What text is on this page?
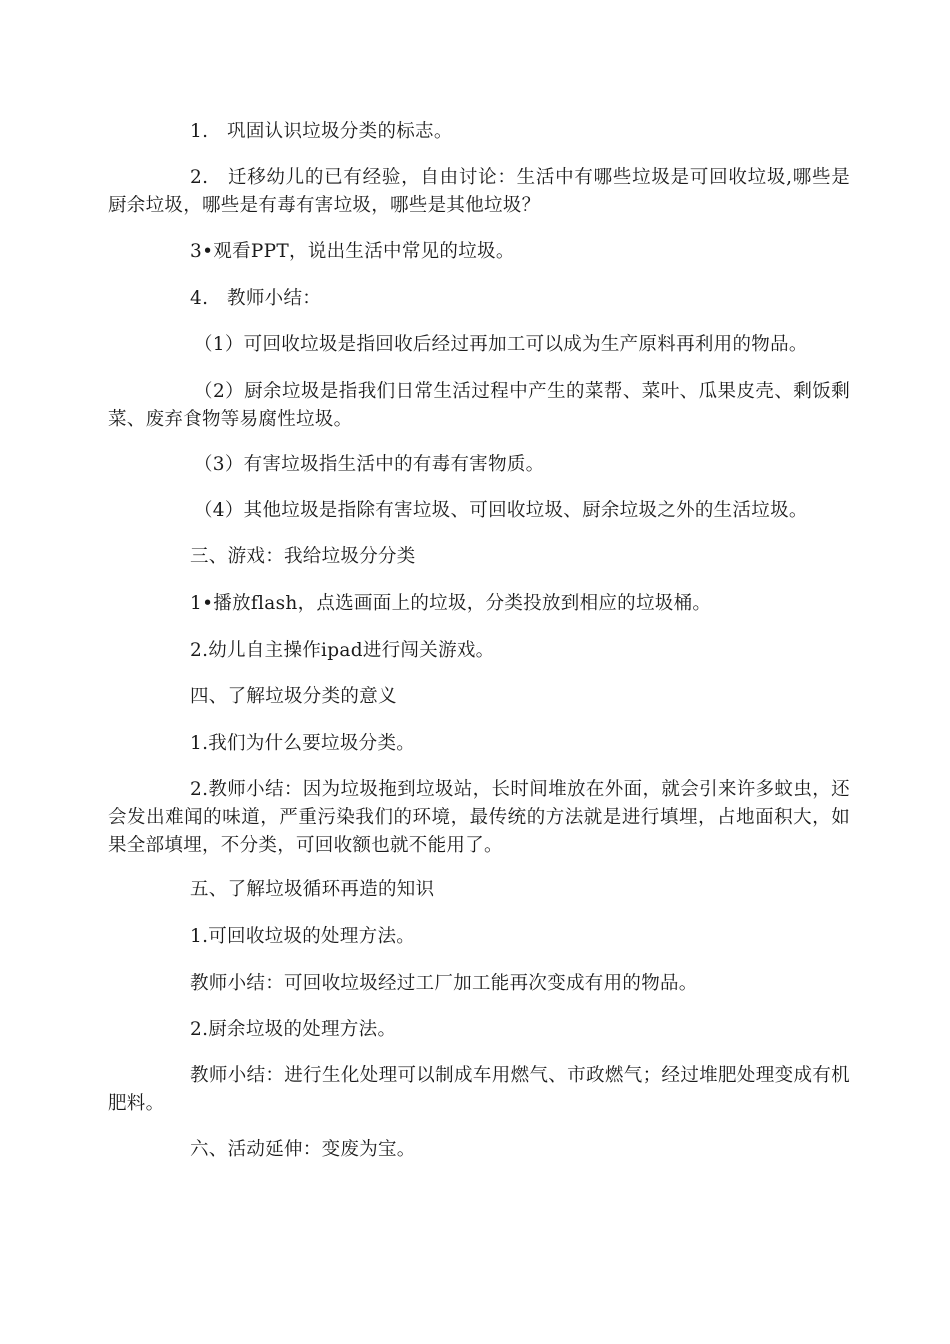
1.　巩固认识垃圾分类的标志。

2.　迁移幼儿的已有经验，自由讨论：生活中有哪些垃圾是可回收垃圾,哪些是厨余垃圾，哪些是有毒有害垃圾，哪些是其他垃圾？

3•观看PPT，说出生活中常见的垃圾。

4.　教师小结：

（1）可回收垃圾是指回收后经过再加工可以成为生产原料再利用的物品。

（2）厨余垃圾是指我们日常生活过程中产生的菜帮、菜叶、瓜果皮壳、剩饭剩菜、废弃食物等易腐性垃圾。

（3）有害垃圾指生活中的有毒有害物质。

（4）其他垃圾是指除有害垃圾、可回收垃圾、厨余垃圾之外的生活垃圾。

三、游戏：我给垃圾分分类

1•播放flash，点选画面上的垃圾，分类投放到相应的垃圾桶。

2.幼儿自主操作ipad进行闯关游戏。

四、了解垃圾分类的意义

1.我们为什么要垃圾分类。

2.教师小结：因为垃圾拖到垃圾站，长时间堆放在外面，就会引来许多蚊虫，还会发出难闻的味道，严重污染我们的环境，最传统的方法就是进行填埋，占地面积大，如果全部填埋，不分类，可回收额也就不能用了。

五、了解垃圾循环再造的知识

1.可回收垃圾的处理方法。

教师小结：可回收垃圾经过工厂加工能再次变成有用的物品。

2.厨余垃圾的处理方法。

教师小结：进行生化处理可以制成车用燃气、市政燃气；经过堆肥处理变成有机肥料。

六、活动延伸：变废为宝。
